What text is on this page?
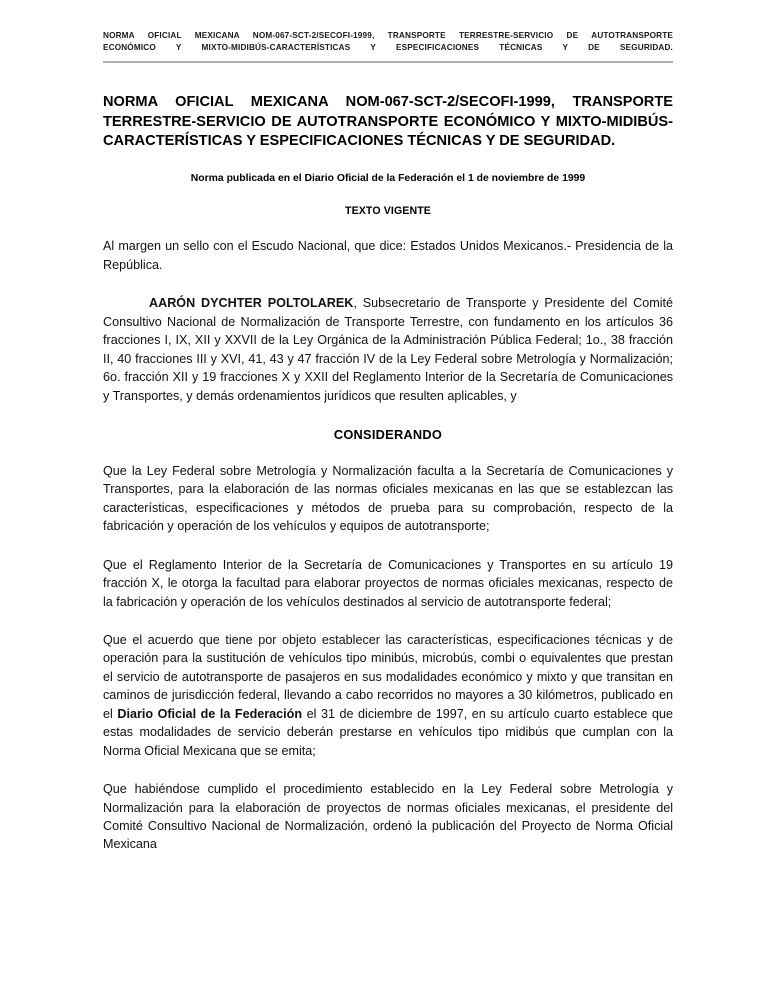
NORMA OFICIAL MEXICANA NOM-067-SCT-2/SECOFI-1999, TRANSPORTE TERRESTRE-SERVICIO DE AUTOTRANSPORTE
ECONÓMICO Y MIXTO-MIDIBÚS-CARACTERÍSTICAS Y ESPECIFICACIONES TÉCNICAS Y DE SEGURIDAD.
NORMA OFICIAL MEXICANA NOM-067-SCT-2/SECOFI-1999, TRANSPORTE
TERRESTRE-SERVICIO DE AUTOTRANSPORTE ECONÓMICO Y MIXTO-MIDIBÚS-
CARACTERÍSTICAS Y ESPECIFICACIONES TÉCNICAS Y DE SEGURIDAD.

Norma publicada en el Diario Oficial de la Federación el 1 de noviembre de 1999

TEXTO VIGENTE

Al margen un sello con el Escudo Nacional, que dice: Estados Unidos Mexicanos.- Presidencia de la República.

AARÓN DYCHTER POLTOLAREK, Subsecretario de Transporte y Presidente del Comité Consultivo Nacional de Normalización de Transporte Terrestre, con fundamento en los artículos 36 fracciones I, IX, XII y XXVII de la Ley Orgánica de la Administración Pública Federal; 1o., 38 fracción II, 40 fracciones III y XVI, 41, 43 y 47 fracción IV de la Ley Federal sobre Metrología y Normalización; 6o. fracción XII y 19 fracciones X y XXII del Reglamento Interior de la Secretaría de Comunicaciones y Transportes, y demás ordenamientos jurídicos que resulten aplicables, y

CONSIDERANDO

Que la Ley Federal sobre Metrología y Normalización faculta a la Secretaría de Comunicaciones y Transportes, para la elaboración de las normas oficiales mexicanas en las que se establezcan las características, especificaciones y métodos de prueba para su comprobación, respecto de la fabricación y operación de los vehículos y equipos de autotransporte;

Que el Reglamento Interior de la Secretaría de Comunicaciones y Transportes en su artículo 19 fracción X, le otorga la facultad para elaborar proyectos de normas oficiales mexicanas, respecto de la fabricación y operación de los vehículos destinados al servicio de autotransporte federal;

Que el acuerdo que tiene por objeto establecer las características, especificaciones técnicas y de operación para la sustitución de vehículos tipo minibús, microbús, combi o equivalentes que prestan el servicio de autotransporte de pasajeros en sus modalidades económico y mixto y que transitan en caminos de jurisdicción federal, llevando a cabo recorridos no mayores a 30 kilómetros, publicado en el Diario Oficial de la Federación el 31 de diciembre de 1997, en su artículo cuarto establece que estas modalidades de servicio deberán prestarse en vehículos tipo midibús que cumplan con la Norma Oficial Mexicana que se emita;

Que habiéndose cumplido el procedimiento establecido en la Ley Federal sobre Metrología y Normalización para la elaboración de proyectos de normas oficiales mexicanas, el presidente del Comité Consultivo Nacional de Normalización, ordenó la publicación del Proyecto de Norma Oficial Mexicana
